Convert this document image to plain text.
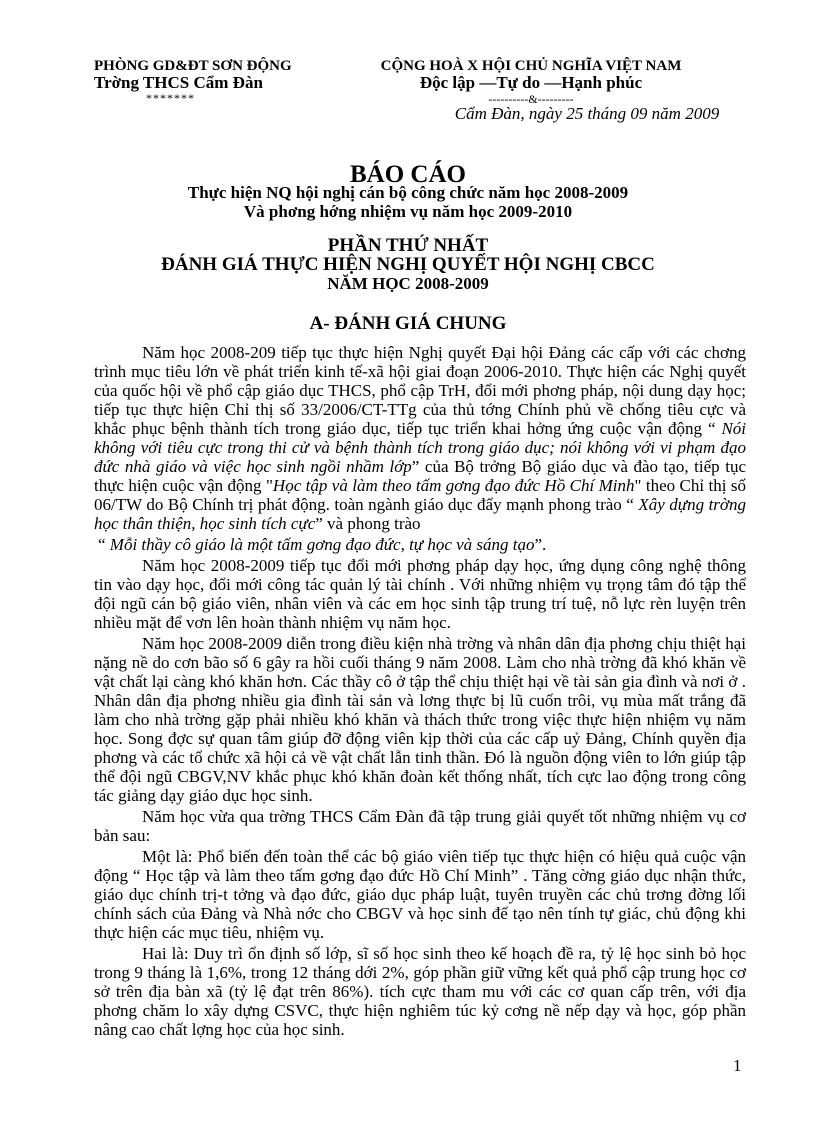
PHÒNG GD&ĐT SƠN ĐỘNG
Trờng THCS Cẩm Đàn
*******
CỘNG HOÀ X HỘI CHỦ NGHĨA VIỆT NAM
Độc lập —Tự do —Hạnh phúc
----------&---------
Cẩm Đàn, ngày 25 tháng 09 năm 2009
BÁO CÁO
Thực hiện NQ hội nghị cán bộ công chức năm học 2008-2009
Và phơng hớng nhiệm vụ năm học 2009-2010
PHẦN THỨ NHẤT
ĐÁNH GIÁ THỰC HIỆN NGHỊ QUYẾT HỘI NGHỊ CBCC
NĂM HỌC 2008-2009
A- ĐÁNH GIÁ CHUNG

Năm học 2008-209 tiếp tục thực hiện Nghị quyết Đại hội Đảng các cấp với các chơng trình mục tiêu lớn về phát triển kinh tế-xã hội giai đoạn 2006-2010. Thực hiện các Nghị quyết của quốc hội về phổ cập giáo dục THCS, phổ cập TrH, đổi mới phơng pháp, nội dung dạy học; tiếp tục thực hiện Chỉ thị số 33/2006/CT-TTg của thủ tớng Chính phủ về chống tiêu cực và khắc phục bệnh thành tích trong giáo dục, tiếp tục triển khai hởng ứng cuộc vận động “ Nói không với tiêu cực trong thi cử và bệnh thành tích trong giáo dục; nói không với vi phạm đạo đức nhà giáo và việc học sinh ngồi nhầm lớp” của Bộ trởng Bộ giáo dục và đào tạo, tiếp tục thực hiện cuộc vận động "Học tập và làm theo tấm gơng đạo đức Hồ Chí Minh" theo Chỉ thị số 06/TW do Bộ Chính trị phát động. toàn ngành giáo dục đẩy mạnh phong trào “ Xây dựng trờng học thân thiện, học sinh tích cực” và phong trào

“ Mỗi thầy cô giáo là một tấm gơng đạo đức, tự học và sáng tạo”.

Năm học 2008-2009 tiếp tục đổi mới phơng pháp dạy học, ứng dụng công nghệ thông tin vào dạy học, đổi mới công tác quản lý tài chính . Với những nhiệm vụ trọng tâm đó tập thể đội ngũ cán bộ giáo viên, nhân viên và các em học sinh tập trung trí tuệ, nỗ lực rèn luyện trên nhiều mặt để vơn lên hoàn thành nhiệm vụ năm học.

Năm học 2008-2009 diễn trong điều kiện nhà trờng và nhân dân địa phơng chịu thiệt hại nặng nề do cơn bão số 6 gây ra hồi cuối tháng 9 năm 2008. Làm cho nhà trờng đã khó khăn về vật chất lại càng khó khăn hơn. Các thầy cô ở tập thể chịu thiệt hại về tài sản gia đình và nơi ở . Nhân dân địa phơng nhiều gia đình tài sản và lơng thực bị lũ cuốn trôi, vụ mùa mất trắng đã làm cho nhà trờng gặp phải nhiều khó khăn và thách thức trong việc thực hiện nhiệm vụ năm học. Song đợc sự quan tâm giúp đỡ động viên kịp thời của các cấp uỷ Đảng, Chính quyền địa phơng và các tổ chức xã hội cả về vật chất lẫn tinh thần. Đó là nguồn động viên to lớn giúp tập thể đội ngũ CBGV,NV khắc phục khó khăn đoàn kết thống nhất, tích cực lao động trong công tác giảng dạy giáo dục học sinh.

Năm học vừa qua trờng THCS Cẩm Đàn đã tập trung giải quyết tốt những nhiệm vụ cơ bản sau:

Một là: Phổ biến đến toàn thể các bộ giáo viên tiếp tục thực hiện có hiệu quả cuộc vận động “ Học tập và làm theo tấm gơng đạo đức Hồ Chí Minh” . Tăng cờng giáo dục nhận thức, giáo dục chính trị-t tởng và đạo đức, giáo dục pháp luật, tuyên truyền các chủ trơng đờng lối chính sách của Đảng và Nhà nớc cho CBGV và học sinh để tạo nên tính tự giác, chủ động khi thực hiện các mục tiêu, nhiệm vụ.

Hai là: Duy trì ổn định số lớp, sĩ số học sinh theo kế hoạch đề ra, tỷ lệ học sinh bỏ học trong 9 tháng là 1,6%, trong 12 tháng dới 2%, góp phần giữ vững kết quả phổ cập trung học cơ sở trên địa bàn xã (tỷ lệ đạt trên 86%). tích cực tham mu với các cơ quan cấp trên, với địa phơng chăm lo xây dựng CSVC, thực hiện nghiêm túc kỷ cơng nề nếp dạy và học, góp phần nâng cao chất lợng học của học sinh.

1
